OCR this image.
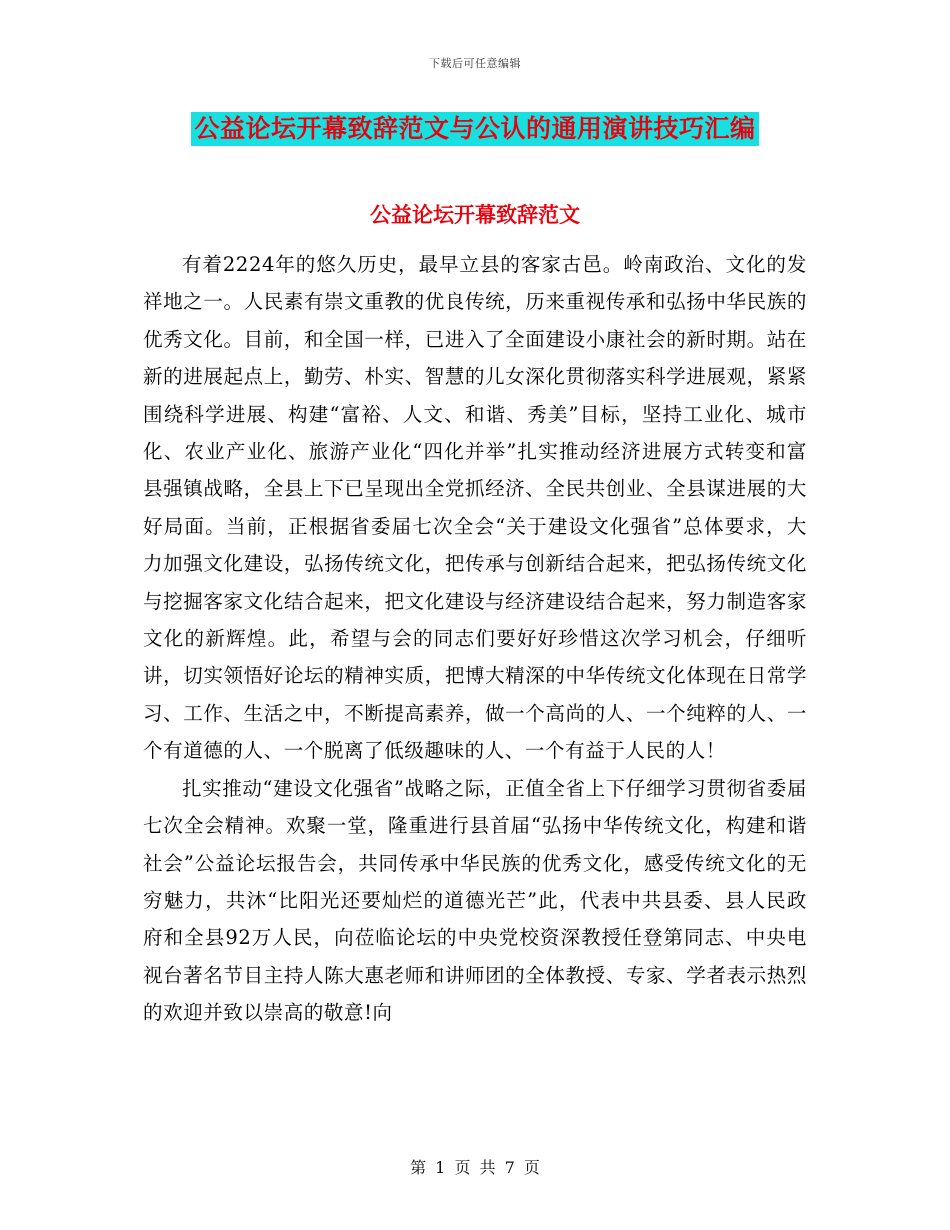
下载后可任意编辑
公益论坛开幕致辞范文与公认的通用演讲技巧汇编
公益论坛开幕致辞范文

有着2224年的悠久历史，最早立县的客家古邑。岭南政治、文化的发祥地之一。人民素有崇文重教的优良传统，历来重视传承和弘扬中华民族的优秀文化。目前，和全国一样，已进入了全面建设小康社会的新时期。站在新的进展起点上，勤劳、朴实、智慧的儿女深化贯彻落实科学进展观，紧紧围绕科学进展、构建“富裕、人文、和谐、秀美”目标，坚持工业化、城市化、农业产业化、旅游产业化“四化并举”扎实推动经济进展方式转变和富县强镇战略，全县上下已呈现出全党抓经济、全民共创业、全县谋进展的大好局面。当前，正根据省委届七次全会“关于建设文化强省”总体要求，大力加强文化建设，弘扬传统文化，把传承与创新结合起来，把弘扬传统文化与挖掘客家文化结合起来，把文化建设与经济建设结合起来，努力制造客家文化的新辉煌。此，希望与会的同志们要好好珍惜这次学习机会，仔细听讲，切实领悟好论坛的精神实质，把博大精深的中华传统文化体现在日常学习、工作、生活之中，不断提高素养，做一个高尚的人、一个纯粹的人、一个有道德的人、一个脱离了低级趣味的人、一个有益于人民的人！

扎实推动“建设文化强省”战略之际，正值全省上下仔细学习贯彻省委届七次全会精神。欢聚一堂，隆重进行县首届“弘扬中华传统文化，构建和谐社会”公益论坛报告会，共同传承中华民族的优秀文化，感受传统文化的无穷魅力，共沐“比阳光还要灿烂的道德光芒”此，代表中共县委、县人民政府和全县92万人民，向莅临论坛的中央党校资深教授任登第同志、中央电视台著名节目主持人陈大惠老师和讲师团的全体教授、专家、学者表示热烈的欢迎并致以崇高的敬意!向

第 1 页 共 7 页
